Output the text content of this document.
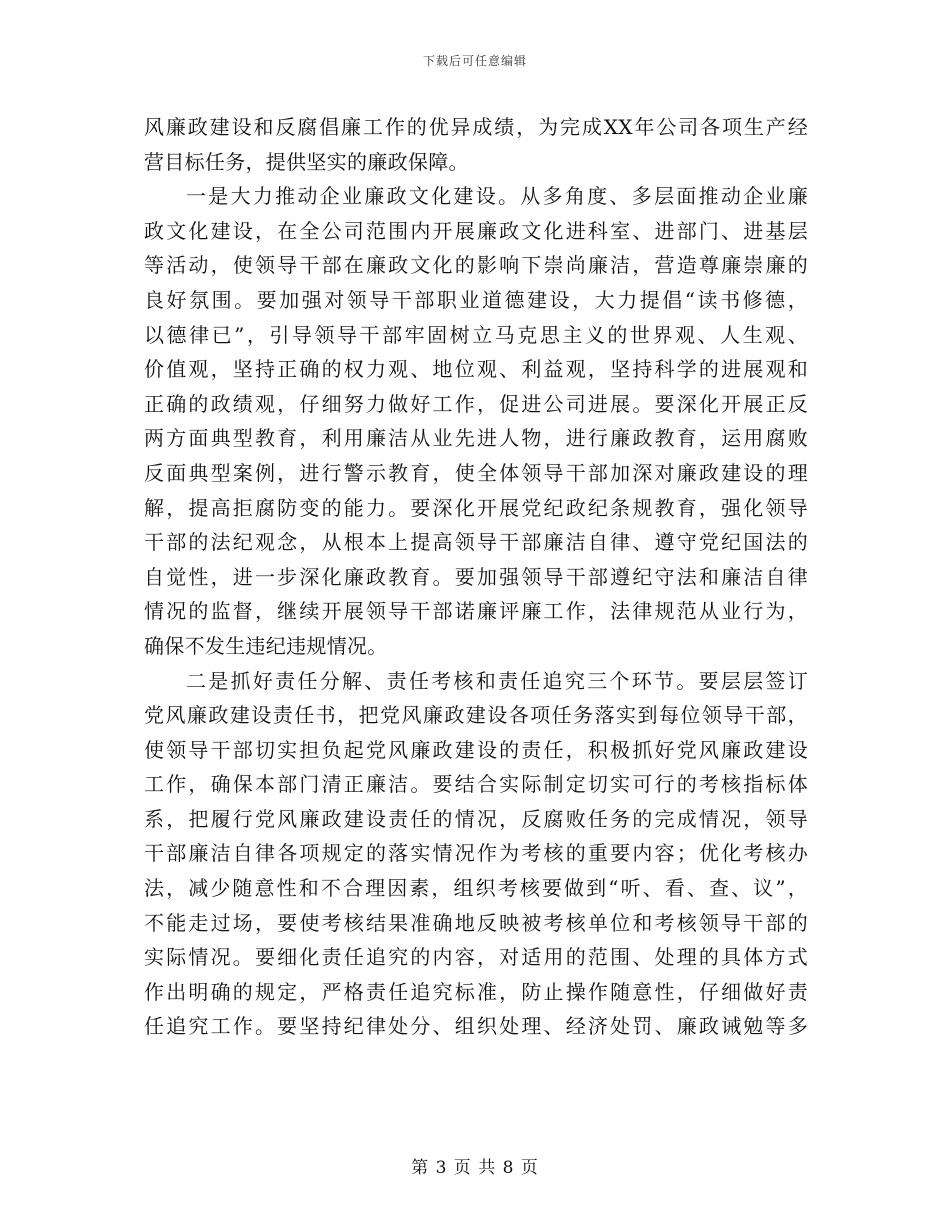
下载后可任意编辑
风廉政建设和反腐倡廉工作的优异成绩，为完成XX年公司各项生产经
营目标任务，提供坚实的廉政保障。
一是大力推动企业廉政文化建设。从多角度、多层面推动企业廉
政文化建设，在全公司范围内开展廉政文化进科室、进部门、进基层
等活动，使领导干部在廉政文化的影响下崇尚廉洁，营造尊廉崇廉的
良好氛围。要加强对领导干部职业道德建设，大力提倡“读书修德，
以德律已”，引导领导干部牢固树立马克思主义的世界观、人生观、
价值观，坚持正确的权力观、地位观、利益观，坚持科学的进展观和
正确的政绩观，仔细努力做好工作，促进公司进展。要深化开展正反
两方面典型教育，利用廉洁从业先进人物，进行廉政教育，运用腐败
反面典型案例，进行警示教育，使全体领导干部加深对廉政建设的理
解，提高拒腐防变的能力。要深化开展党纪政纪条规教育，强化领导
干部的法纪观念，从根本上提高领导干部廉洁自律、遵守党纪国法的
自觉性，进一步深化廉政教育。要加强领导干部遵纪守法和廉洁自律
情况的监督，继续开展领导干部诺廉评廉工作，法律规范从业行为，
确保不发生违纪违规情况。
二是抓好责任分解、责任考核和责任追究三个环节。要层层签订
党风廉政建设责任书，把党风廉政建设各项任务落实到每位领导干部，
使领导干部切实担负起党风廉政建设的责任，积极抓好党风廉政建设
工作，确保本部门清正廉洁。要结合实际制定切实可行的考核指标体
系，把履行党风廉政建设责任的情况，反腐败任务的完成情况，领导
干部廉洁自律各项规定的落实情况作为考核的重要内容；优化考核办
法，减少随意性和不合理因素，组织考核要做到“听、看、查、议”，
不能走过场，要使考核结果准确地反映被考核单位和考核领导干部的
实际情况。要细化责任追究的内容，对适用的范围、处理的具体方式
作出明确的规定，严格责任追究标准，防止操作随意性，仔细做好责
任追究工作。要坚持纪律处分、组织处理、经济处罚、廉政诫勉等多
第 3 页 共 8 页
